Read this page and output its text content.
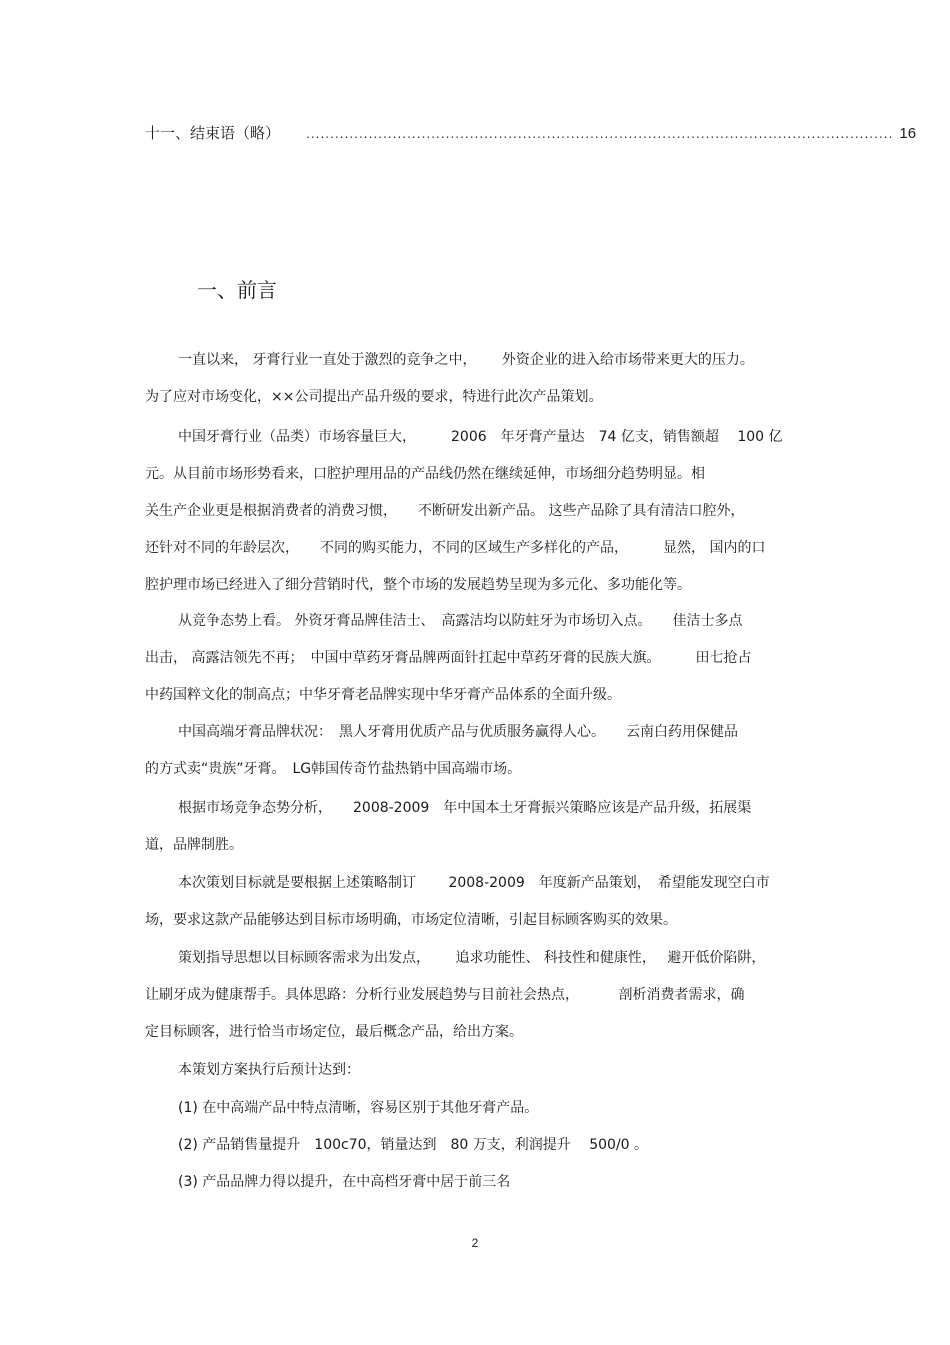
十一、结束语（略） .......................................................................................................................... 16
一、前言

一直以来， 牙膏行业一直处于激烈的竞争之中，　　 外资企业的进入给市场带来更大的压力。
为了应对市场变化，××公司提出产品升级的要求，特进行此次产品策划。

中国牙膏行业（品类）市场容量巨大，　　　2006　年牙膏产量达　74 亿支，销售额超　 100 亿
元。从目前市场形势看来，口腔护理用品的产品线仍然在继续延伸，市场细分趋势明显。相
关生产企业更是根据消费者的消费习惯，　　不断研发出新产品。 这些产品除了具有清洁口腔外，
还针对不同的年龄层次，　　不同的购买能力，不同的区域生产多样化的产品，　　　显然， 国内的口
腔护理市场已经进入了细分营销时代，整个市场的发展趋势呈现为多元化、多功能化等。

从竞争态势上看。 外资牙膏品牌佳洁士、　高露洁均以防蛀牙为市场切入点。　　佳洁士多点
出击， 高露洁领先不再；　中国中草药牙膏品牌两面针扛起中草药牙膏的民族大旗。　　　田七抢占
中药国粹文化的制高点；中华牙膏老品牌实现中华牙膏产品体系的全面升级。

中国高端牙膏品牌状况：　黑人牙膏用优质产品与优质服务赢得人心。　　云南白药用保健品
的方式卖“贵族”牙膏。　LG韩国传奇竹盐热销中国高端市场。

根据市场竞争态势分析，　　2008-2009　年中国本土牙膏振兴策略应该是产品升级，拓展渠
道，品牌制胜。

本次策划目标就是要根据上述策略制订　　 2008-2009　年度新产品策划，　希望能发现空白市
场，要求这款产品能够达到目标市场明确，市场定位清晰，引起目标顾客购买的效果。

策划指导思想以目标顾客需求为出发点，　　 追求功能性、 科技性和健康性，　 避开低价陷阱，
让刷牙成为健康帮手。具体思路：分析行业发展趋势与目前社会热点，　　　 剖析消费者需求，确
定目标顾客，进行恰当市场定位，最后概念产品，给出方案。

本策划方案执行后预计达到：

(1) 在中高端产品中特点清晰，容易区别于其他牙膏产品。

(2) 产品销售量提升　100c70，销量达到　80 万支，利润提升　 500/0 。

(3) 产品品牌力得以提升，在中高档牙膏中居于前三名

2
